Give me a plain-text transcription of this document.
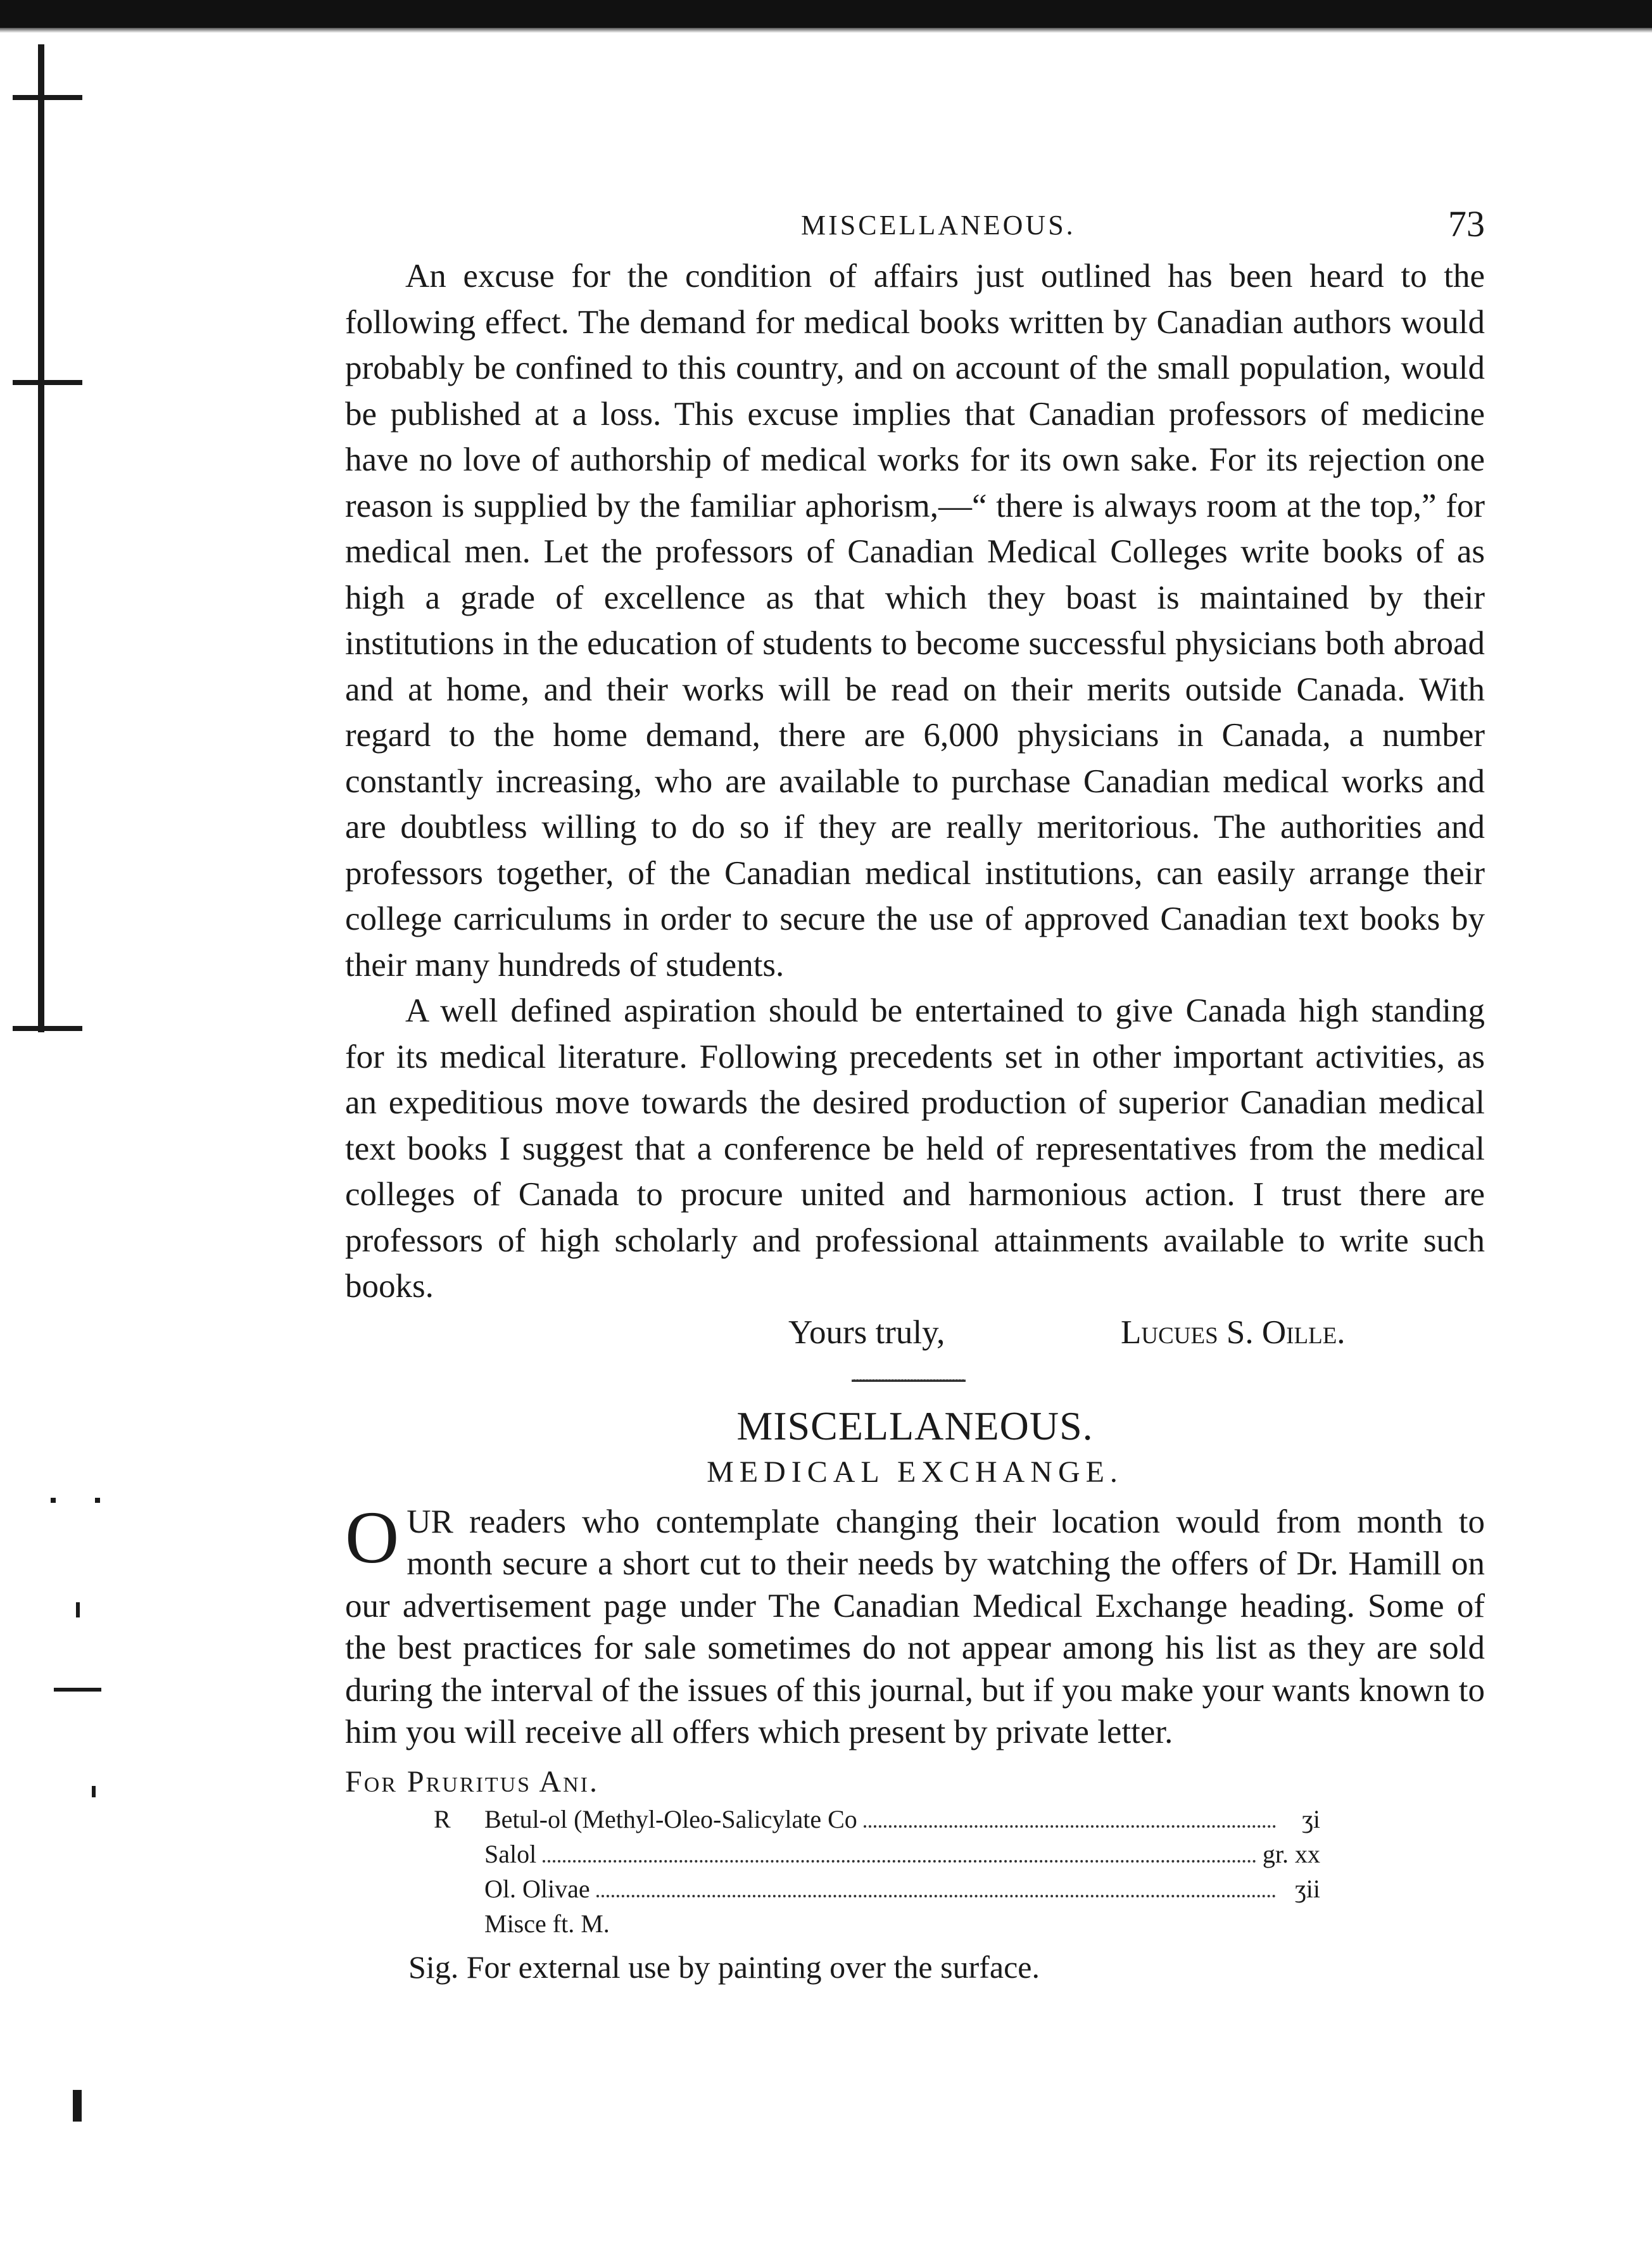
MISCELLANEOUS.	73

An excuse for the condition of affairs just outlined has been heard to the following effect. The demand for medical books written by Canadian authors would probably be confined to this country, and on account of the small population, would be published at a loss. This excuse implies that Canadian professors of medicine have no love of authorship of medical works for its own sake. For its rejection one reason is supplied by the familiar aphorism,—“ there is always room at the top,” for medical men. Let the professors of Canadian Medical Colleges write books of as high a grade of excellence as that which they boast is maintained by their institutions in the education of students to become successful physicians both abroad and at home, and their works will be read on their merits outside Canada. With regard to the home demand, there are 6,000 physicians in Canada, a number constantly increasing, who are available to purchase Canadian medical works and are doubtless willing to do so if they are really meritorious. The authorities and professors together, of the Canadian medical institutions, can easily arrange their college carriculums in order to secure the use of approved Canadian text books by their many hundreds of students.

A well defined aspiration should be entertained to give Canada high standing for its medical literature. Following precedents set in other important activities, as an expeditious move towards the desired production of superior Canadian medical text books I suggest that a conference be held of representatives from the medical colleges of Canada to procure united and harmonious action. I trust there are professors of high scholarly and professional attainments available to write such books.

Yours truly,	Lucues S. Oille.
MISCELLANEOUS.
MEDICAL EXCHANGE.
O UR readers who contemplate changing their location would from month to month secure a short cut to their needs by watching the offers of Dr. Hamill on our advertisement page under The Canadian Medical Exchange heading. Some of the best practices for sale sometimes do not appear among his list as they are sold during the interval of the issues of this journal, but if you make your wants known to him you will receive all offers which present by private letter.
For Pruritus Ani.
R	Betul-ol (Methyl-Oleo-Salicylate Co	ʒi
Salol	gr. xx
Ol. Olivae	ʒii
Misce ft. M.
Sig. For external use by painting over the surface.
